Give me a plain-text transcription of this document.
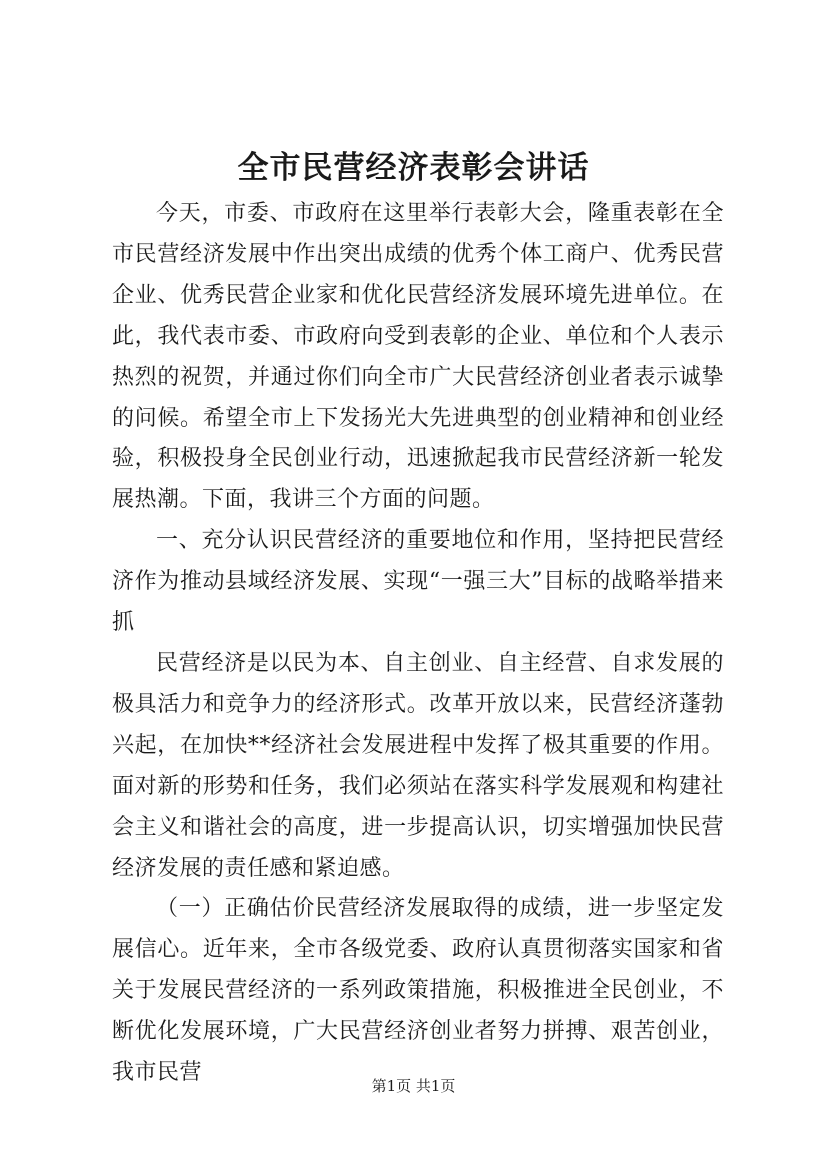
全市民营经济表彰会讲话

今天，市委、市政府在这里举行表彰大会，隆重表彰在全市民营经济发展中作出突出成绩的优秀个体工商户、优秀民营企业、优秀民营企业家和优化民营经济发展环境先进单位。在此，我代表市委、市政府向受到表彰的企业、单位和个人表示热烈的祝贺，并通过你们向全市广大民营经济创业者表示诚挚的问候。希望全市上下发扬光大先进典型的创业精神和创业经验，积极投身全民创业行动，迅速掀起我市民营经济新一轮发展热潮。下面，我讲三个方面的问题。

一、充分认识民营经济的重要地位和作用，坚持把民营经济作为推动县域经济发展、实现“一强三大”目标的战略举措来抓

民营经济是以民为本、自主创业、自主经营、自求发展的极具活力和竞争力的经济形式。改革开放以来，民营经济蓬勃兴起，在加快**经济社会发展进程中发挥了极其重要的作用。面对新的形势和任务，我们必须站在落实科学发展观和构建社会主义和谐社会的高度，进一步提高认识，切实增强加快民营经济发展的责任感和紧迫感。

（一）正确估价民营经济发展取得的成绩，进一步坚定发展信心。近年来，全市各级党委、政府认真贯彻落实国家和省关于发展民营经济的一系列政策措施，积极推进全民创业，不断优化发展环境，广大民营经济创业者努力拼搏、艰苦创业，我市民营

第1页 共1页
